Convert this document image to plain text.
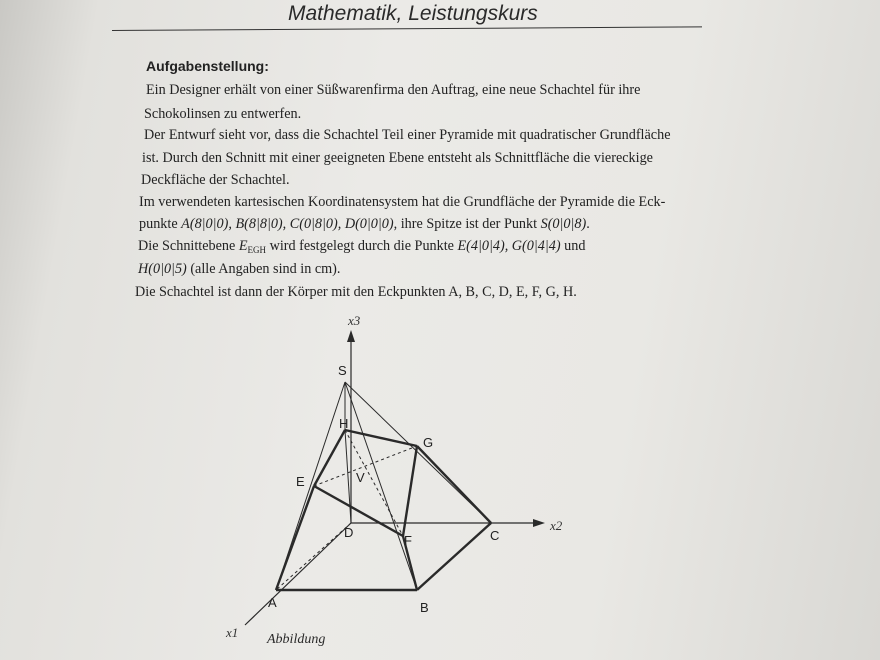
Mathematik, Leistungskurs
Aufgabenstellung:
Ein Designer erhält von einer Süßwarenfirma den Auftrag, eine neue Schachtel für ihre
Schokolinsen zu entwerfen.
Der Entwurf sieht vor, dass die Schachtel Teil einer Pyramide mit quadratischer Grundfläche
ist. Durch den Schnitt mit einer geeigneten Ebene entsteht als Schnittfläche die viereckige
Deckfläche der Schachtel.
Im verwendeten kartesischen Koordinatensystem hat die Grundfläche der Pyramide die Eck-
punkte A(8|0|0), B(8|8|0), C(0|8|0), D(0|0|0), ihre Spitze ist der Punkt S(0|0|8).
Die Schnittebene $E_{EGH}$ wird festgelegt durch die Punkte E(4|0|4), G(0|4|4) und
H(0|0|5) (alle Angaben sind in cm).
Die Schachtel ist dann der Körper mit den Eckpunkten A, B, C, D, E, F, G, H.
x3
x2
x1
S
H
G
E	V
D
F	C
A	B
Abbildung
